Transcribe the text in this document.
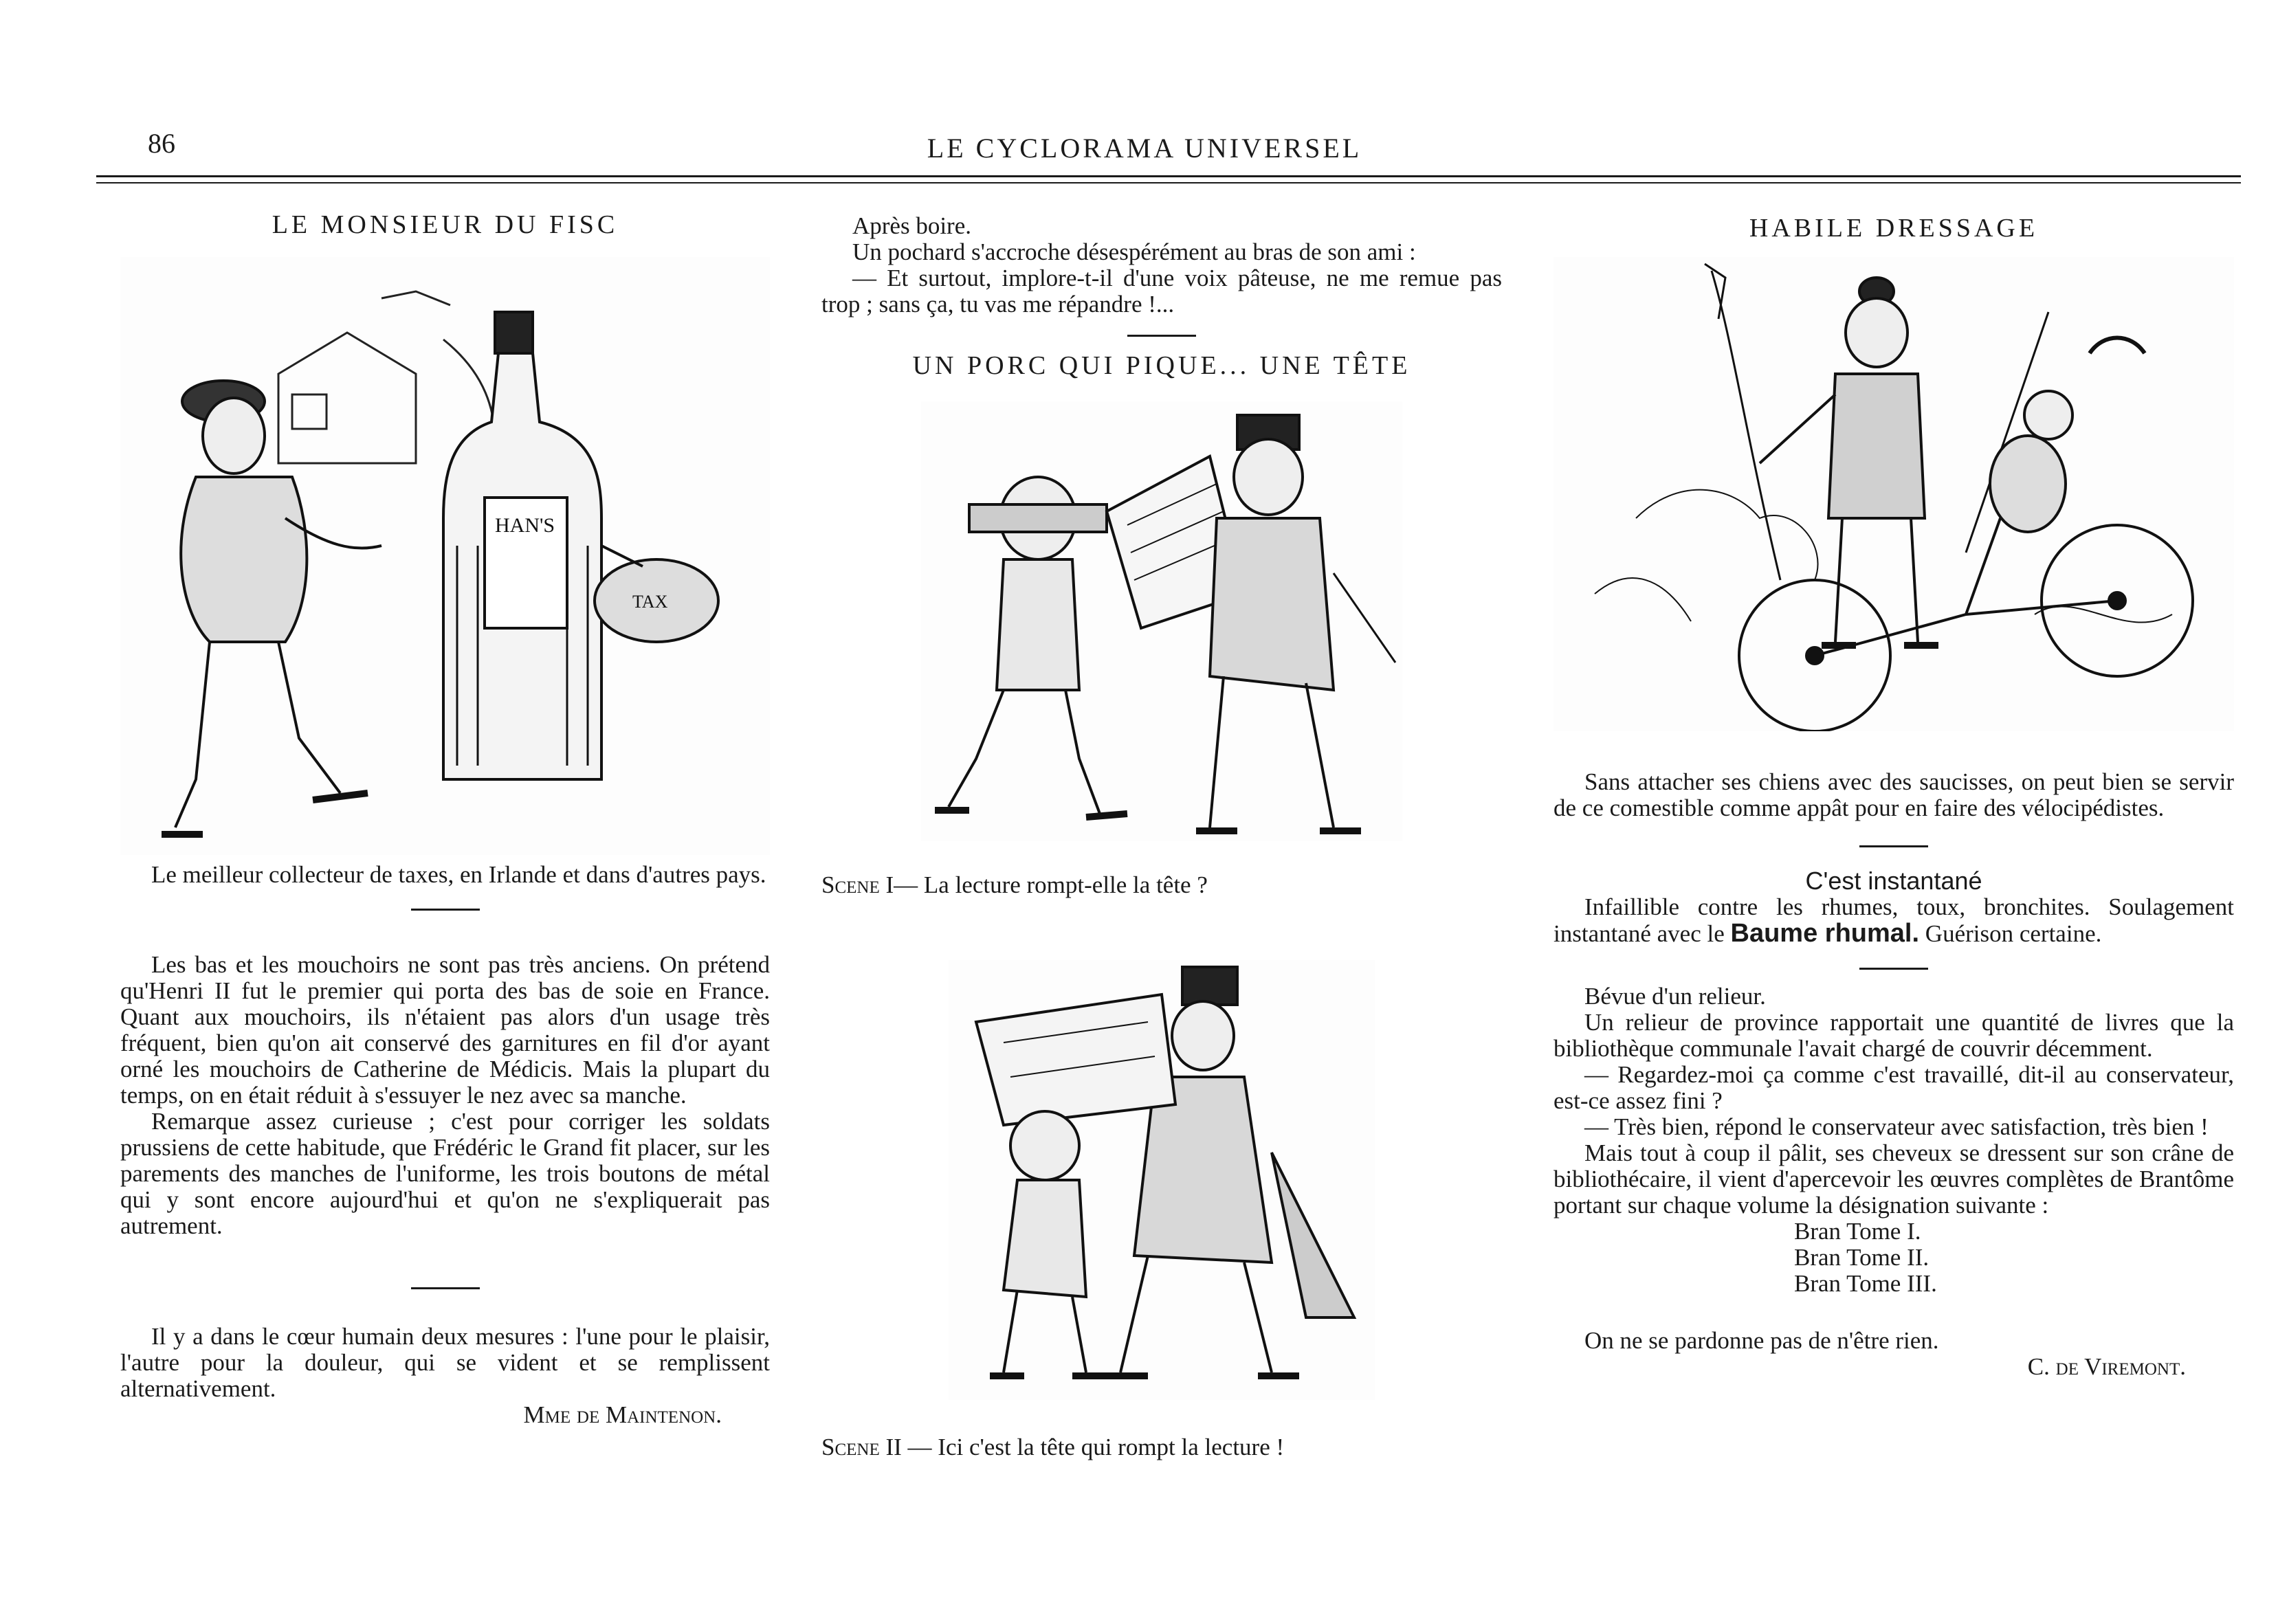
86	LE CYCLORAMA UNIVERSEL
LE MONSIEUR DU FISC
HAN'S
TAX

Le meilleur collecteur de taxes, en Irlande et dans d'autres pays.

Les bas et les mouchoirs ne sont pas très anciens. On prétend qu'Henri II fut le premier qui porta des bas de soie en France. Quant aux mouchoirs, ils n'étaient pas alors d'un usage très fréquent, bien qu'on ait conservé des garnitures en fil d'or ayant orné les mouchoirs de Catherine de Médicis. Mais la plupart du temps, on en était réduit à s'essuyer le nez avec sa manche.

Remarque assez curieuse ; c'est pour corriger les soldats prussiens de cette habitude, que Frédéric le Grand fit placer, sur les parements des manches de l'uniforme, les trois boutons de métal qui y sont encore aujourd'hui et qu'on ne s'expliquerait pas autrement.

Il y a dans le cœur humain deux mesures : l'une pour le plaisir, l'autre pour la douleur, qui se vident et se remplissent alternativement.

Mme de Maintenon.

Après boire.

Un pochard s'accroche désespérément au bras de son ami :

— Et surtout, implore-t-il d'une voix pâteuse, ne me remue pas trop ; sans ça, tu vas me répandre !...

UN PORC QUI PIQUE... UNE TÊTE

Scene I— La lecture rompt-elle la tête ?

Scene II — Ici c'est la tête qui rompt la lecture !

HABILE DRESSAGE

Sans attacher ses chiens avec des saucisses, on peut bien se servir de ce comestible comme appât pour en faire des vélocipédistes.

C'est instantané

Infaillible contre les rhumes, toux, bronchites. Soulagement instantané avec le Baume rhumal. Guérison certaine.

Bévue d'un relieur.

Un relieur de province rapportait une quantité de livres que la bibliothèque communale l'avait chargé de couvrir décemment.

— Regardez-moi ça comme c'est travaillé, dit-il au conservateur, est-ce assez fini ?

— Très bien, répond le conservateur avec satisfaction, très bien !

Mais tout à coup il pâlit, ses cheveux se dressent sur son crâne de bibliothécaire, il vient d'apercevoir les œuvres complètes de Brantôme portant sur chaque volume la désignation suivante :

Bran Tome I.

Bran Tome II.

Bran Tome III.

On ne se pardonne pas de n'être rien.

C. de Viremont.
